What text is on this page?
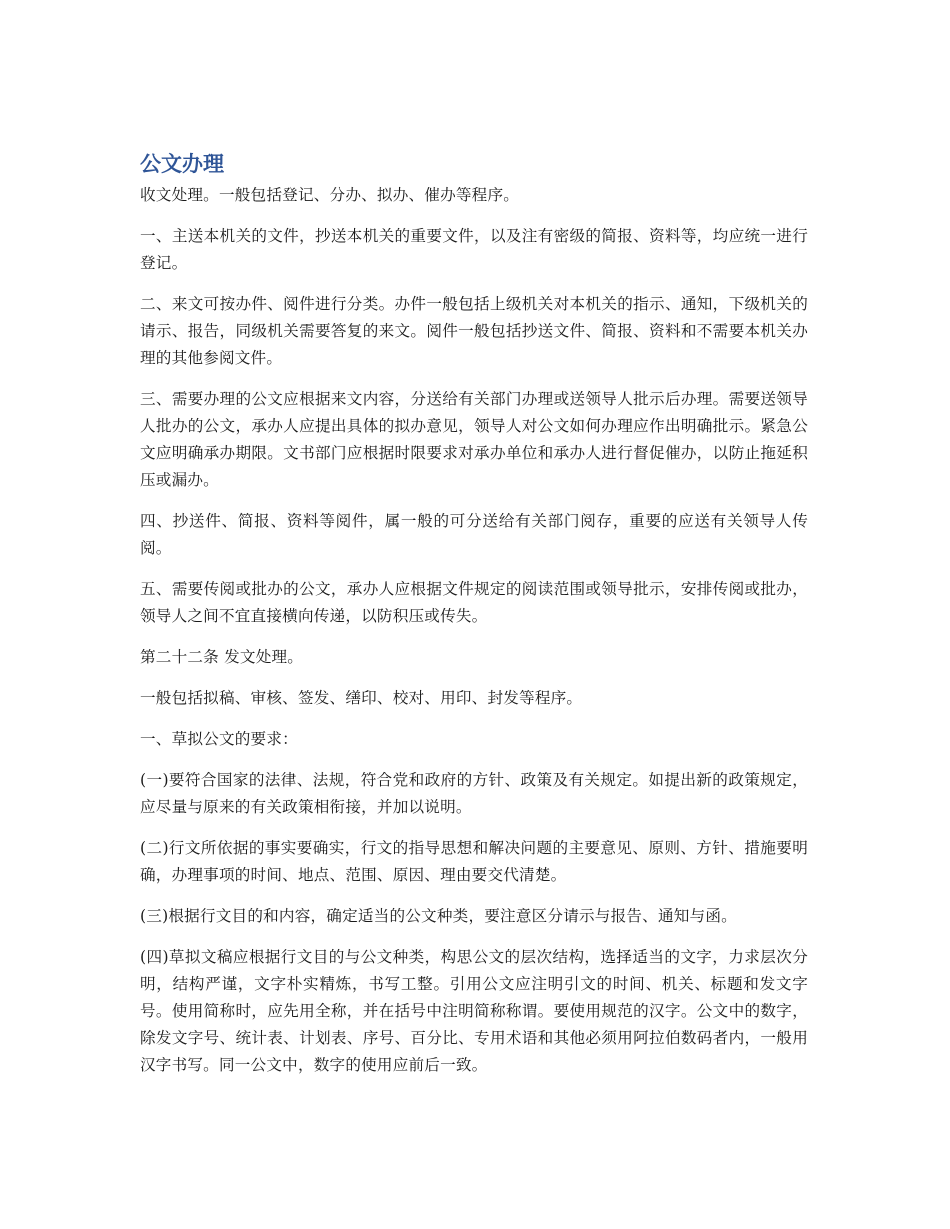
公文办理

收文处理。一般包括登记、分办、拟办、催办等程序。

一、主送本机关的文件，抄送本机关的重要文件，以及注有密级的简报、资料等，均应统一进行登记。

二、来文可按办件、阅件进行分类。办件一般包括上级机关对本机关的指示、通知，下级机关的请示、报告，同级机关需要答复的来文。阅件一般包括抄送文件、简报、资料和不需要本机关办理的其他参阅文件。

三、需要办理的公文应根据来文内容，分送给有关部门办理或送领导人批示后办理。需要送领导人批办的公文，承办人应提出具体的拟办意见，领导人对公文如何办理应作出明确批示。紧急公文应明确承办期限。文书部门应根据时限要求对承办单位和承办人进行督促催办，以防止拖延积压或漏办。

四、抄送件、简报、资料等阅件，属一般的可分送给有关部门阅存，重要的应送有关领导人传阅。

五、需要传阅或批办的公文，承办人应根据文件规定的阅读范围或领导批示，安排传阅或批办，领导人之间不宜直接横向传递，以防积压或传失。

第二十二条 发文处理。

一般包括拟稿、审核、签发、缮印、校对、用印、封发等程序。

一、草拟公文的要求：

(一)要符合国家的法律、法规，符合党和政府的方针、政策及有关规定。如提出新的政策规定，应尽量与原来的有关政策相衔接，并加以说明。

(二)行文所依据的事实要确实，行文的指导思想和解决问题的主要意见、原则、方针、措施要明确，办理事项的时间、地点、范围、原因、理由要交代清楚。

(三)根据行文目的和内容，确定适当的公文种类，要注意区分请示与报告、通知与函。

(四)草拟文稿应根据行文目的与公文种类，构思公文的层次结构，选择适当的文字，力求层次分明，结构严谨，文字朴实精炼，书写工整。引用公文应注明引文的时间、机关、标题和发文字号。使用简称时，应先用全称，并在括号中注明简称称谓。要使用规范的汉字。公文中的数字，除发文字号、统计表、计划表、序号、百分比、专用术语和其他必须用阿拉伯数码者内，一般用汉字书写。同一公文中，数字的使用应前后一致。
